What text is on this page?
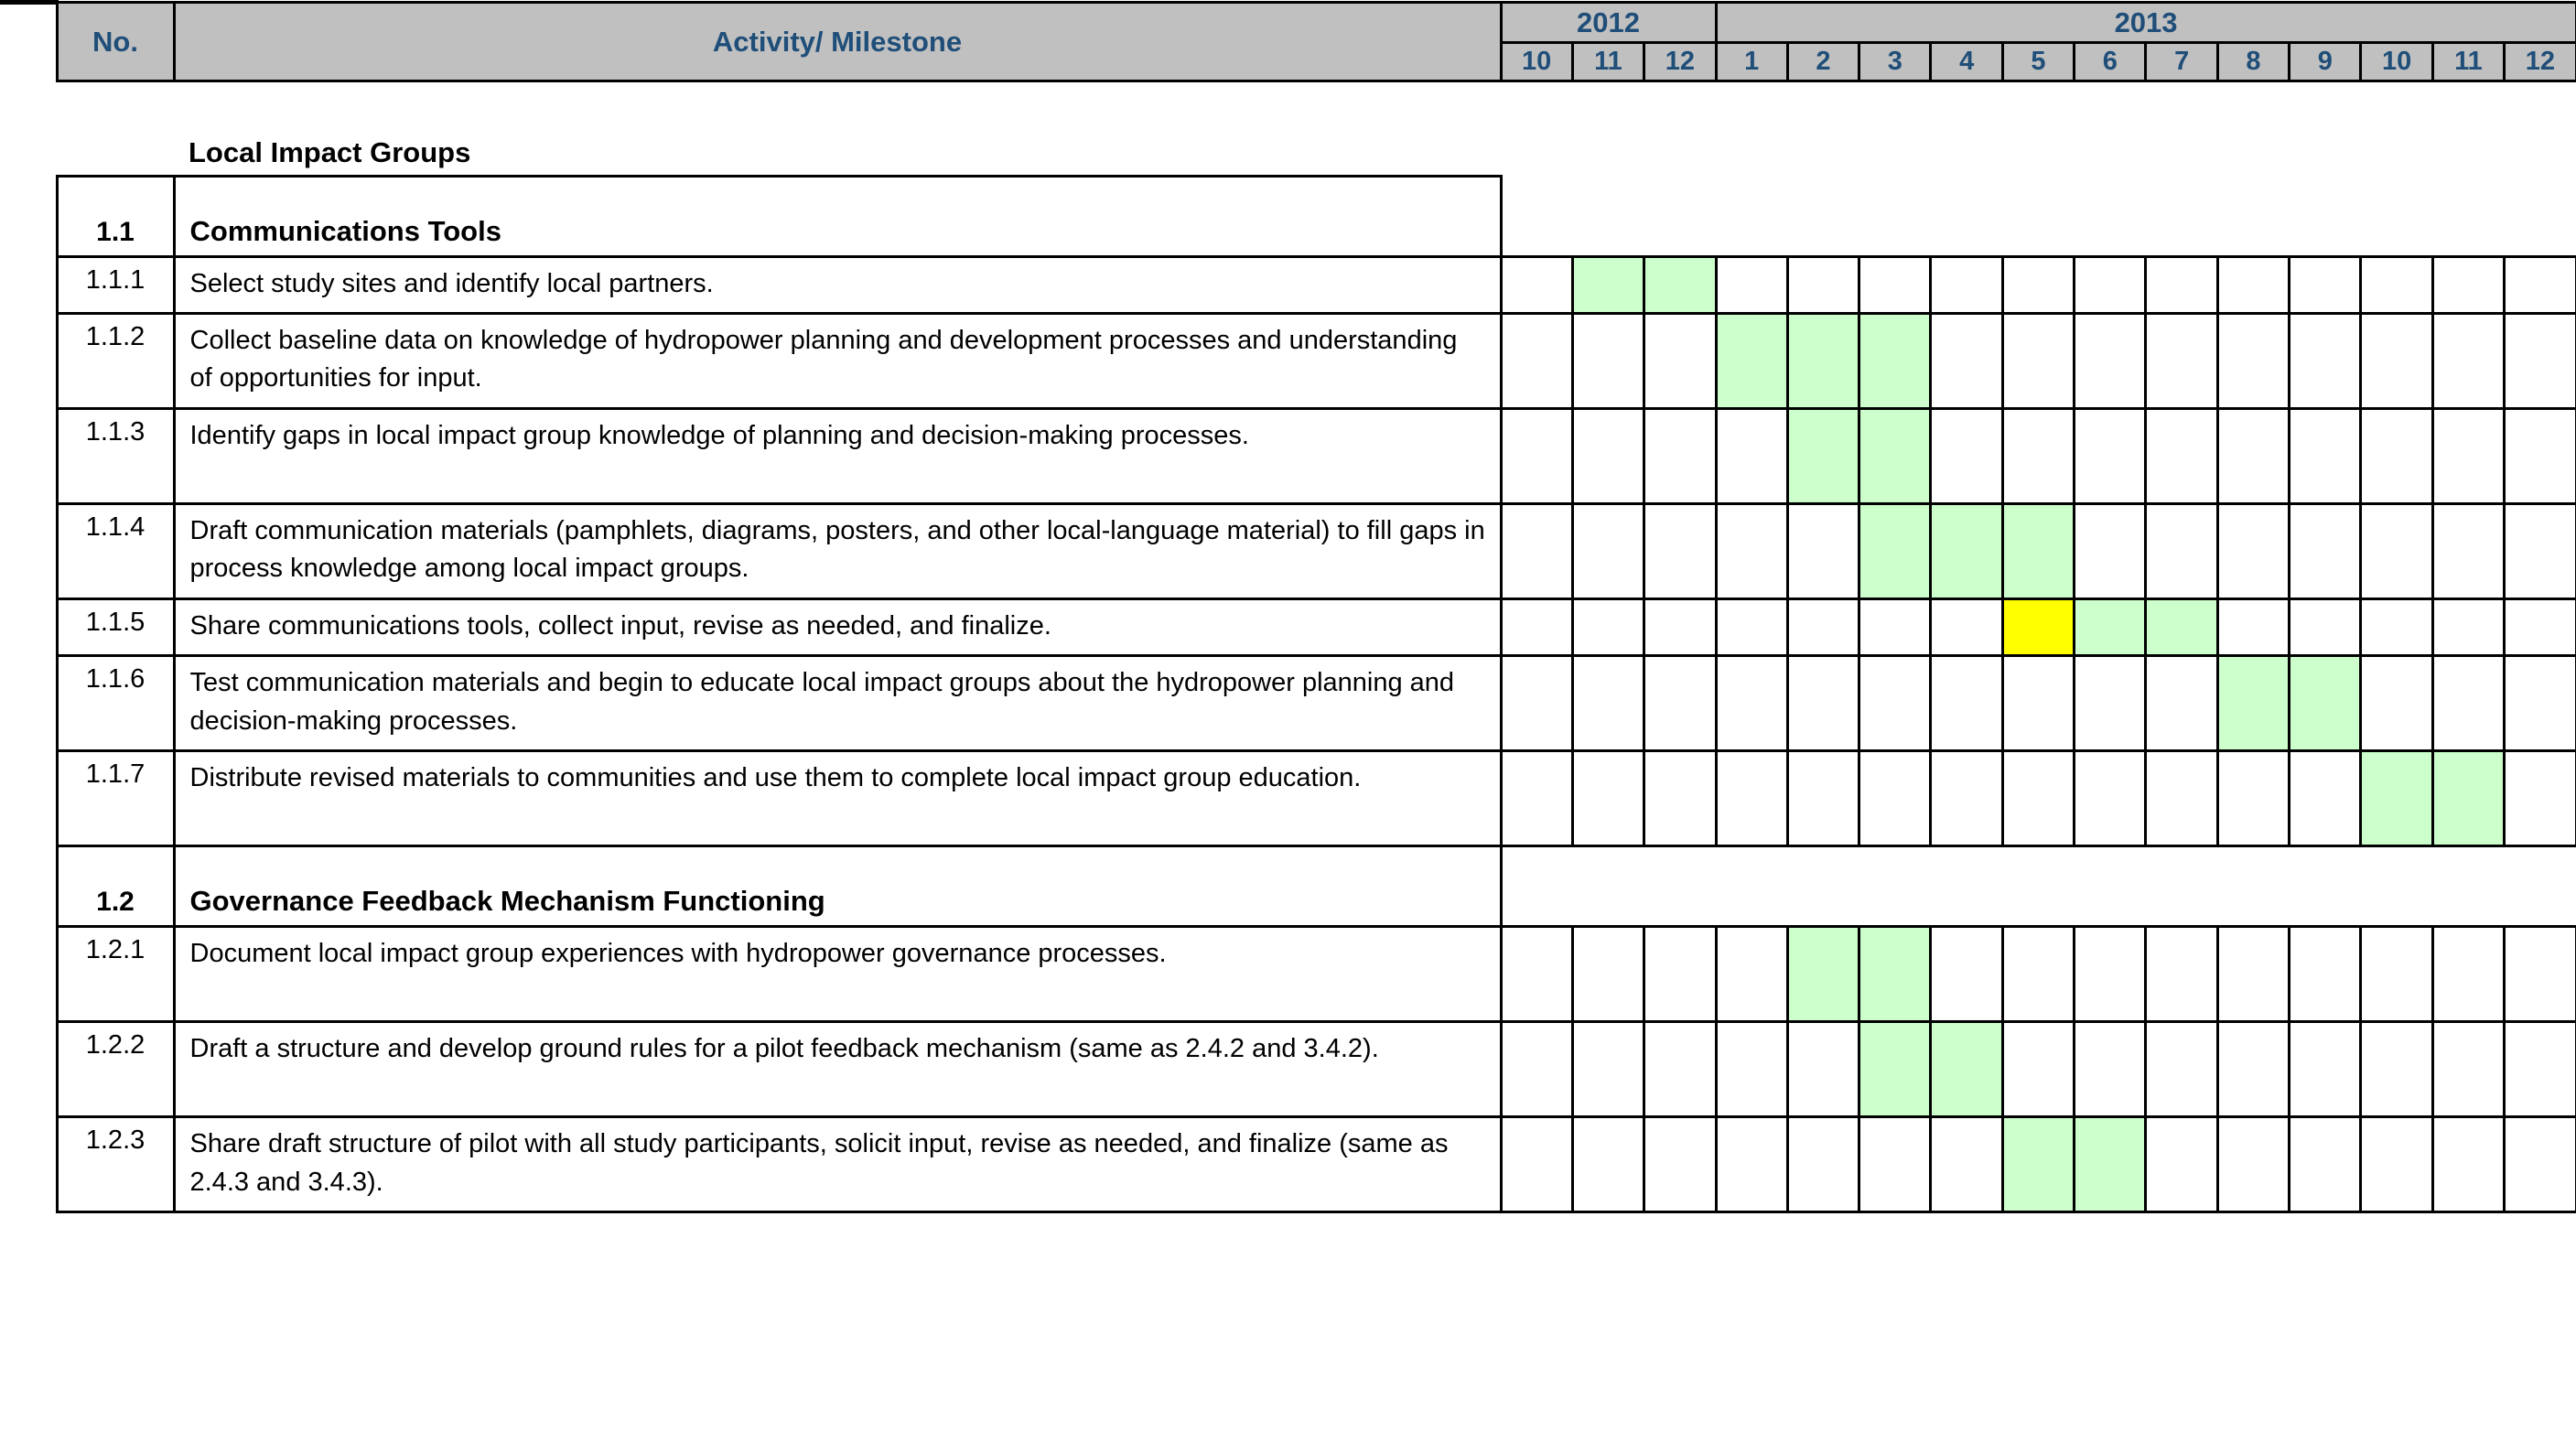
	No.	Activity/ Milestone	2012			2013											
			10	11	12	1	2	3	4	5	6	7	8	9	10	11	12

		Local Impact Groups															

	1.1	Communications Tools															
	1.1.1	Select study sites and identify local partners.															
	1.1.2	Collect baseline data on knowledge of hydropower planning and development processes and understanding of opportunities for input.															
	1.1.3	Identify gaps in local impact group knowledge of planning and decision-making processes.															
	1.1.4	Draft communication materials (pamphlets, diagrams, posters, and other local-language material) to fill gaps in process knowledge among local impact groups.															
	1.1.5	Share communications tools, collect input, revise as needed, and finalize.															
	1.1.6	Test communication materials and begin to educate local impact groups about the hydropower planning and decision-making processes.															
	1.1.7	Distribute revised materials to communities and use them to complete local impact group education.															

	1.2	Governance Feedback Mechanism Functioning															
	1.2.1	Document local impact group experiences with hydropower governance processes.															
	1.2.2	Draft a structure and develop ground rules for a pilot feedback mechanism (same as 2.4.2 and 3.4.2).															
	1.2.3	Share draft structure of pilot with all study participants, solicit input, revise as needed, and finalize (same as 2.4.3 and 3.4.3).															
